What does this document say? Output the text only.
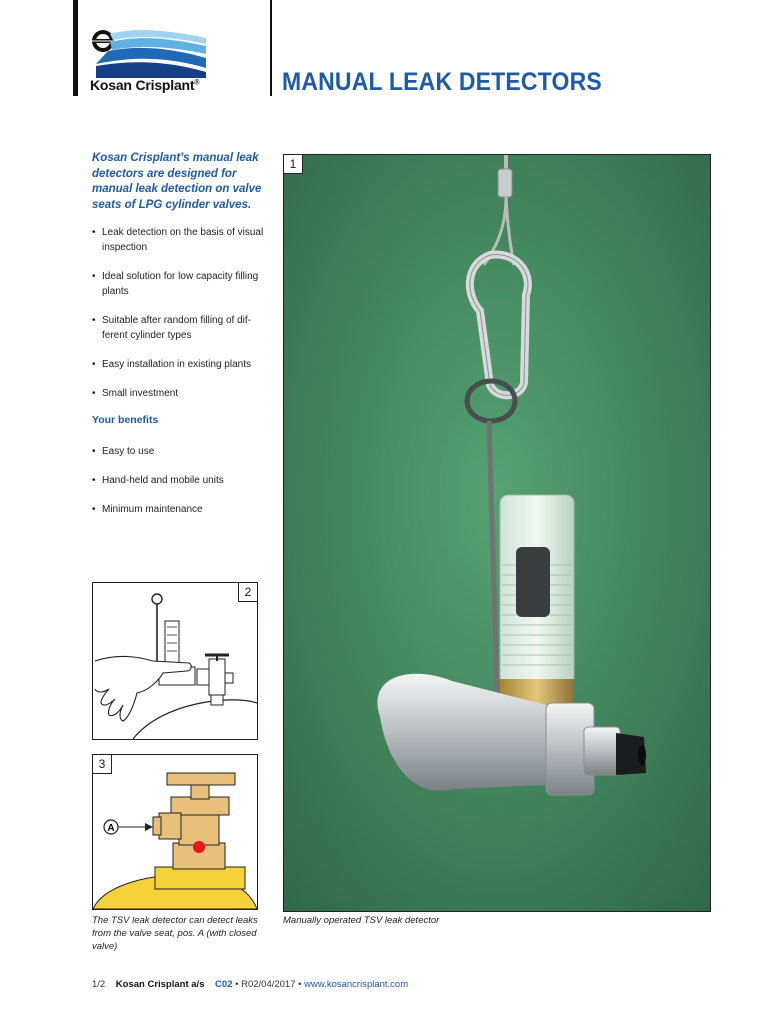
Kosan Crisplant®	MANUAL LEAK DETECTORS
Kosan Crisplant’s manual leak detectors are designed for manual leak detection on valve seats of LPG cylinder valves.
• Leak detection on the basis of visual inspection
• Ideal solution for low capacity filling plants
• Suitable after random filling of dif-ferent cylinder types
• Easy installation in existing plants
• Small investment
Your benefits
• Easy to use
• Hand-held and mobile units
• Minimum maintenance
2
A
3
The TSV leak detector can detect leaks from the valve seat, pos. A (with closed valve)
1
Manually operated TSV leak detector
1/2 Kosan Crisplant a/s C02 • R02/04/2017 • www.kosancrisplant.com
